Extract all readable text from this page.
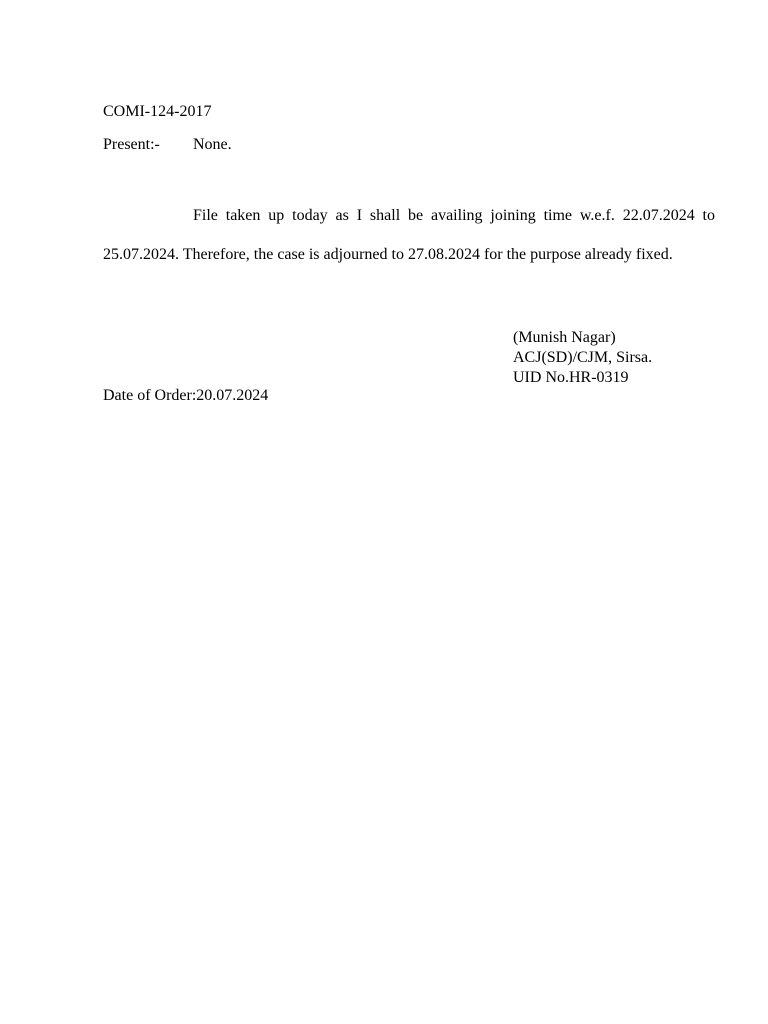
COMI-124-2017
Present:- None.

File taken up today as I shall be availing joining time w.e.f. 22.07.2024 to 25.07.2024. Therefore, the case is adjourned to 27.08.2024 for the purpose already fixed.

(Munish Nagar)
ACJ(SD)/CJM, Sirsa.
UID No.HR-0319
Date of Order:20.07.2024
